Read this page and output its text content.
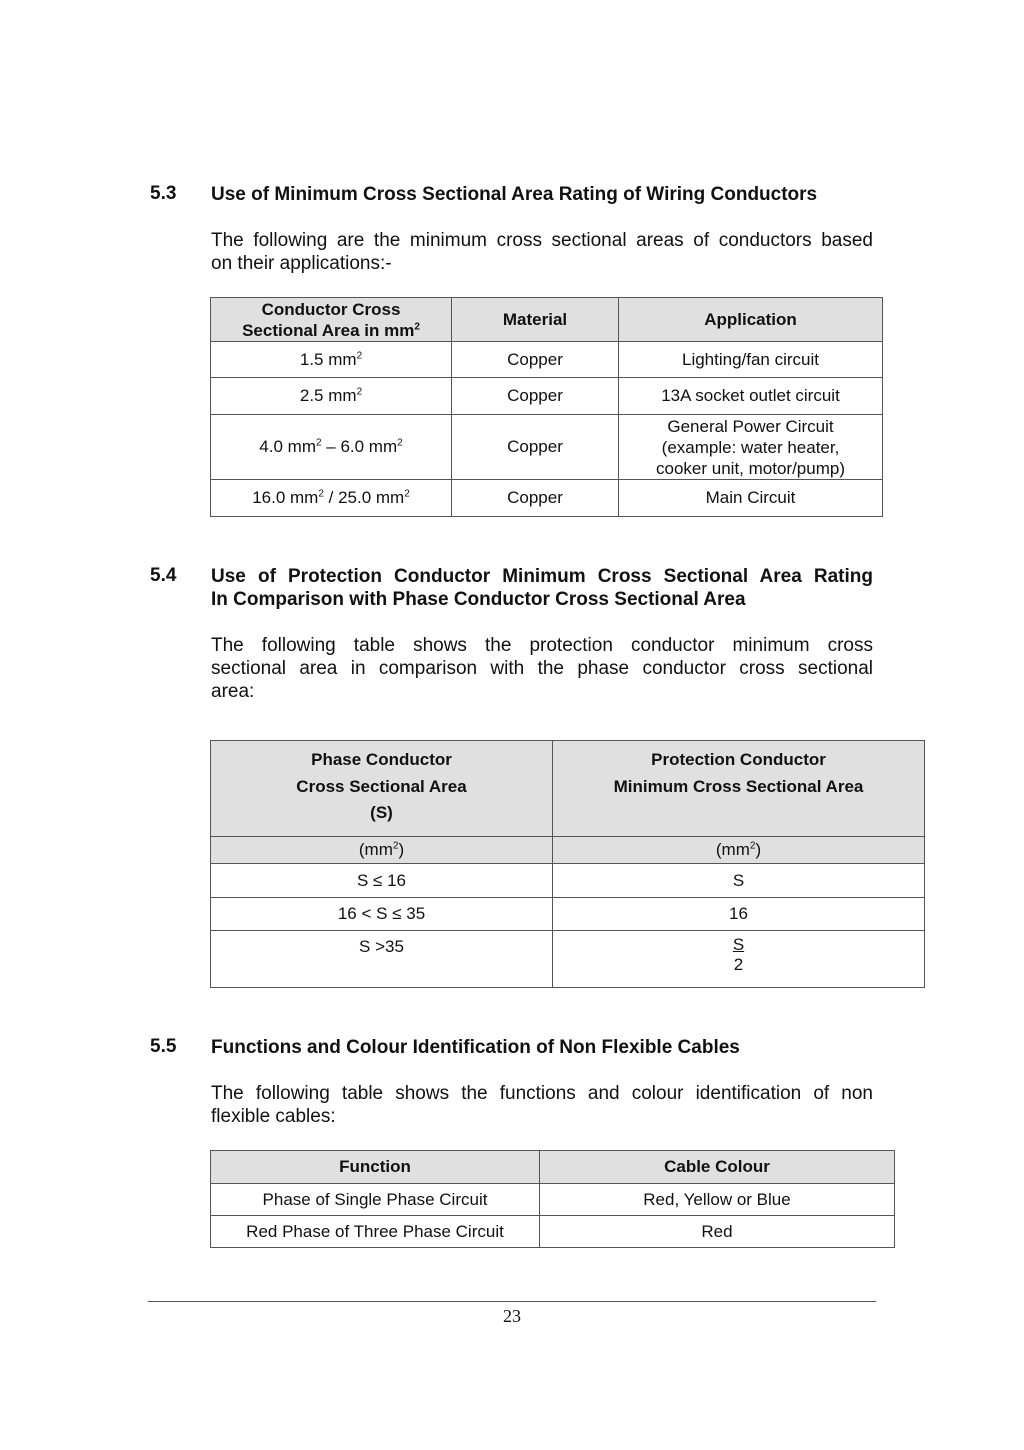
5.3 Use of Minimum Cross Sectional Area Rating of Wiring Conductors
The following are the minimum cross sectional areas of conductors based
on their applications:-
Conductor Cross
Sectional Area in $mm^2$	Material	Application
1.5 $mm^2$	Copper	Lighting/fan circuit
2.5 $mm^2$	Copper	13A socket outlet circuit
4.0 $mm^2 - 6.0$ $mm^2$	Copper	General Power Circuit
(example: water heater,
cooker unit, motor/pump)
16.0 $mm^2 / 25.0$ $mm^2$	Copper	Main Circuit
5.4 Use of Protection Conductor Minimum Cross Sectional Area Rating
In Comparison with Phase Conductor Cross Sectional Area
The following table shows the protection conductor minimum cross
sectional area in comparison with the phase conductor cross sectional
area:
Phase Conductor
Cross Sectional Area
(S)	Protection Conductor
Minimum Cross Sectional Area
$(mm^2)$	$(mm^2)$
S ≤ 16	S
16 < S ≤ 35	16
S >35	$\frac{S}{2}$
5.5 Functions and Colour Identification of Non Flexible Cables
The following table shows the functions and colour identification of non
flexible cables:
Function	Cable Colour
Phase of Single Phase Circuit	Red, Yellow or Blue
Red Phase of Three Phase Circuit	Red
23
